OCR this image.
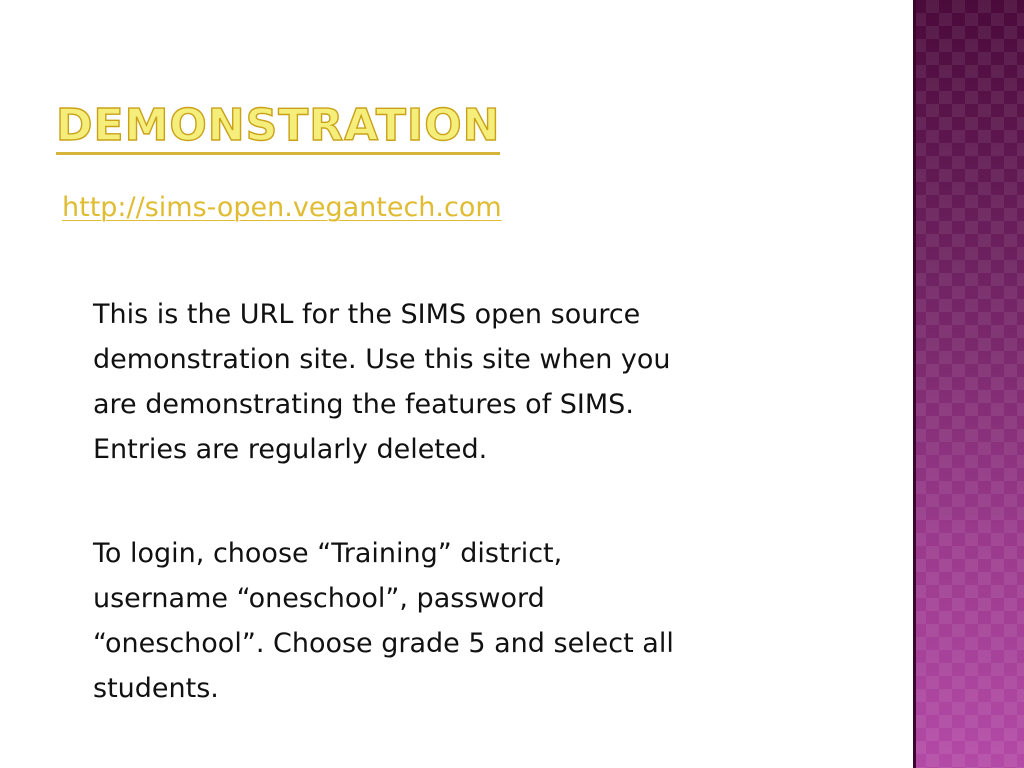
DEMONSTRATION
http://sims-open.vegantech.com

This is the URL for the SIMS open source
demonstration site. Use this site when you
are demonstrating the features of SIMS.
Entries are regularly deleted.

To login, choose “Training” district,
username “oneschool”, password
“oneschool”. Choose grade 5 and select all
students.
